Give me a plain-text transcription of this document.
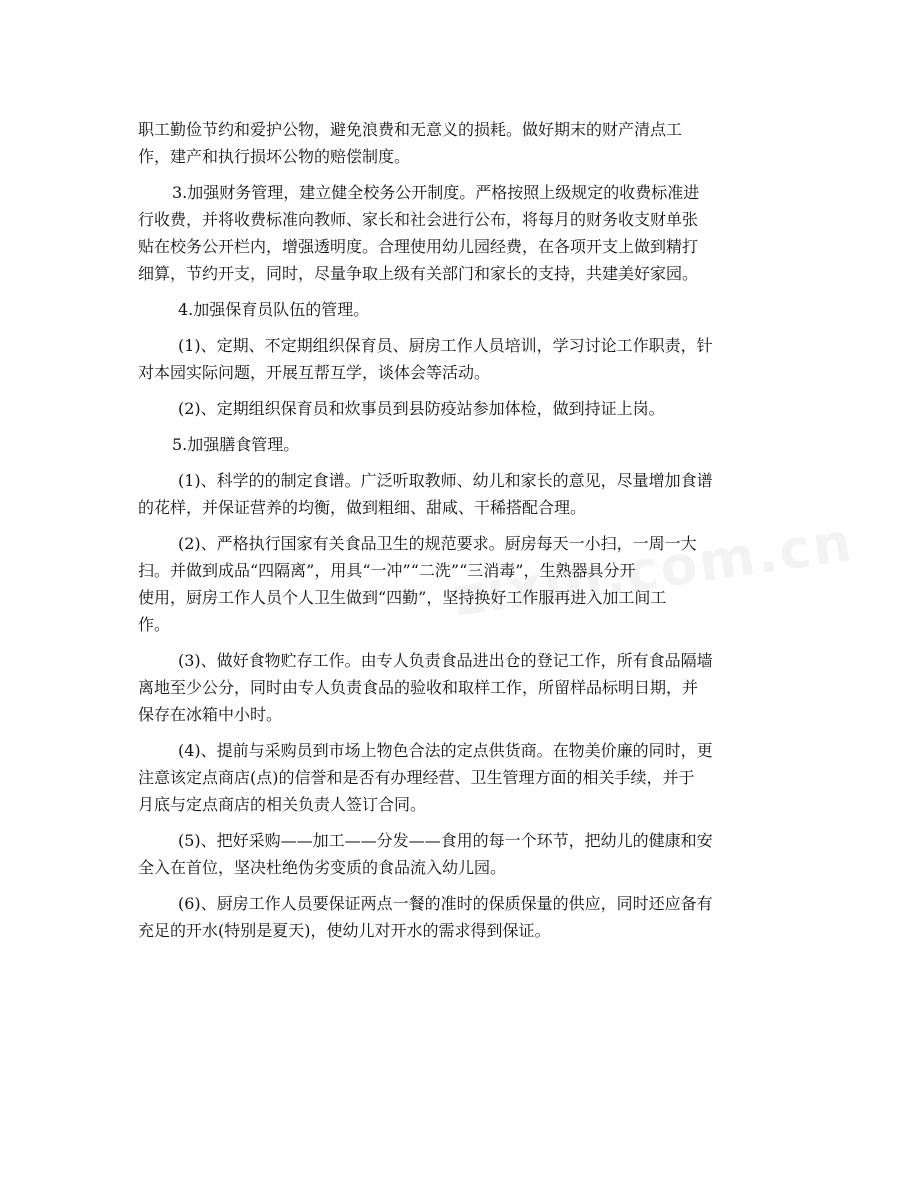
职工勤俭节约和爱护公物，避免浪费和无意义的损耗。做好期末的财产清点工
作，建产和执行损坏公物的赔偿制度。
3.加强财务管理，建立健全校务公开制度。严格按照上级规定的收费标准进
行收费，并将收费标准向教师、家长和社会进行公布，将每月的财务收支财单张
贴在校务公开栏内，增强透明度。合理使用幼儿园经费，在各项开支上做到精打
细算，节约开支，同时，尽量争取上级有关部门和家长的支持，共建美好家园。
4.加强保育员队伍的管理。
(1)、定期、不定期组织保育员、厨房工作人员培训，学习讨论工作职责，针
对本园实际问题，开展互帮互学，谈体会等活动。
(2)、定期组织保育员和炊事员到县防疫站参加体检，做到持证上岗。
5.加强膳食管理。
(1)、科学的的制定食谱。广泛听取教师、幼儿和家长的意见，尽量增加食谱
的花样，并保证营养的均衡，做到粗细、甜咸、干稀搭配合理。
(2)、严格执行国家有关食品卫生的规范要求。厨房每天一小扫，一周一大
扫。并做到成品“四隔离”，用具“一冲”“二洗”“三消毒”，生熟器具分开
使用，厨房工作人员个人卫生做到“四勤”，坚持换好工作服再进入加工间工
作。
(3)、做好食物贮存工作。由专人负责食品进出仓的登记工作，所有食品隔墙
离地至少公分，同时由专人负责食品的验收和取样工作，所留样品标明日期，并
保存在冰箱中小时。
(4)、提前与采购员到市场上物色合法的定点供货商。在物美价廉的同时，更
注意该定点商店(点)的信誉和是否有办理经营、卫生管理方面的相关手续，并于
月底与定点商店的相关负责人签订合同。
(5)、把好采购——加工——分发——食用的每一个环节，把幼儿的健康和安
全入在首位，坚决杜绝伪劣变质的食品流入幼儿园。
(6)、厨房工作人员要保证两点一餐的准时的保质保量的供应，同时还应备有
充足的开水(特别是夏天)，使幼儿对开水的需求得到保证。
